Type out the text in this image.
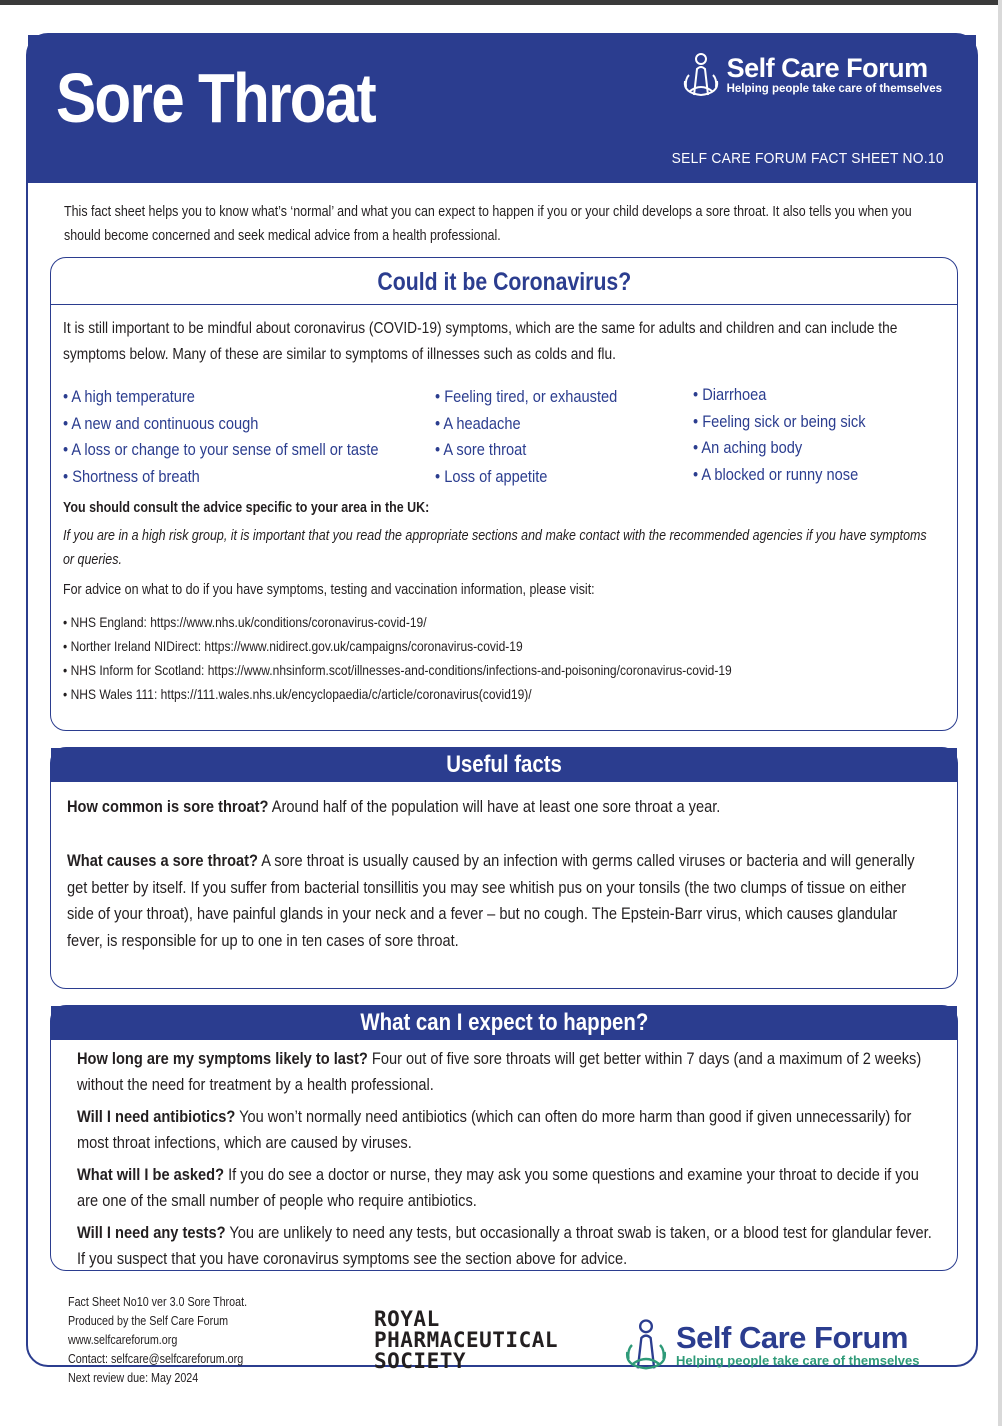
Sore Throat	Self Care Forum
Helping people take care of themselves
SELF CARE FORUM FACT SHEET NO.10

This fact sheet helps you to know what’s ‘normal’ and what you can expect to happen if you or your child develops a sore throat. It also tells you when you should become concerned and seek medical advice from a health professional.

Could it be Coronavirus?

It is still important to be mindful about coronavirus (COVID-19) symptoms, which are the same for adults and children and can include the symptoms below. Many of these are similar to symptoms of illnesses such as colds and flu.

• A high temperature
• A new and continuous cough
• A loss or change to your sense of smell or taste
• Shortness of breath
• Feeling tired, or exhausted
• A headache
• A sore throat
• Loss of appetite
• Diarrhoea
• Feeling sick or being sick
• An aching body
• A blocked or runny nose

You should consult the advice specific to your area in the UK:

If you are in a high risk group, it is important that you read the appropriate sections and make contact with the recommended agencies if you have symptoms or queries.

For advice on what to do if you have symptoms, testing and vaccination information, please visit:

• NHS England: https://www.nhs.uk/conditions/coronavirus-covid-19/
• Norther Ireland NIDirect: https://www.nidirect.gov.uk/campaigns/coronavirus-covid-19
• NHS Inform for Scotland: https://www.nhsinform.scot/illnesses-and-conditions/infections-and-poisoning/coronavirus-covid-19
• NHS Wales 111: https://111.wales.nhs.uk/encyclopaedia/c/article/coronavirus(covid19)/
Useful facts

How common is sore throat? Around half of the population will have at least one sore throat a year.

What causes a sore throat? A sore throat is usually caused by an infection with germs called viruses or bacteria and will generally get better by itself. If you suffer from bacterial tonsillitis you may see whitish pus on your tonsils (the two clumps of tissue on either side of your throat), have painful glands in your neck and a fever – but no cough. The Epstein-Barr virus, which causes glandular fever, is responsible for up to one in ten cases of sore throat.

What can I expect to happen?

How long are my symptoms likely to last? Four out of five sore throats will get better within 7 days (and a maximum of 2 weeks) without the need for treatment by a health professional.

Will I need antibiotics? You won’t normally need antibiotics (which can often do more harm than good if given unnecessarily) for most throat infections, which are caused by viruses.

What will I be asked? If you do see a doctor or nurse, they may ask you some questions and examine your throat to decide if you are one of the small number of people who require antibiotics.

Will I need any tests? You are unlikely to need any tests, but occasionally a throat swab is taken, or a blood test for glandular fever. If you suspect that you have coronavirus symptoms see the section above for advice.

Fact Sheet No10 ver 3.0 Sore Throat.
Produced by the Self Care Forum
www.selfcareforum.org
Contact: selfcare@selfcareforum.org
Next review due: May 2024
ROYAL
PHARMACEUTICAL
SOCIETY
Self Care Forum
Helping people take care of themselves
